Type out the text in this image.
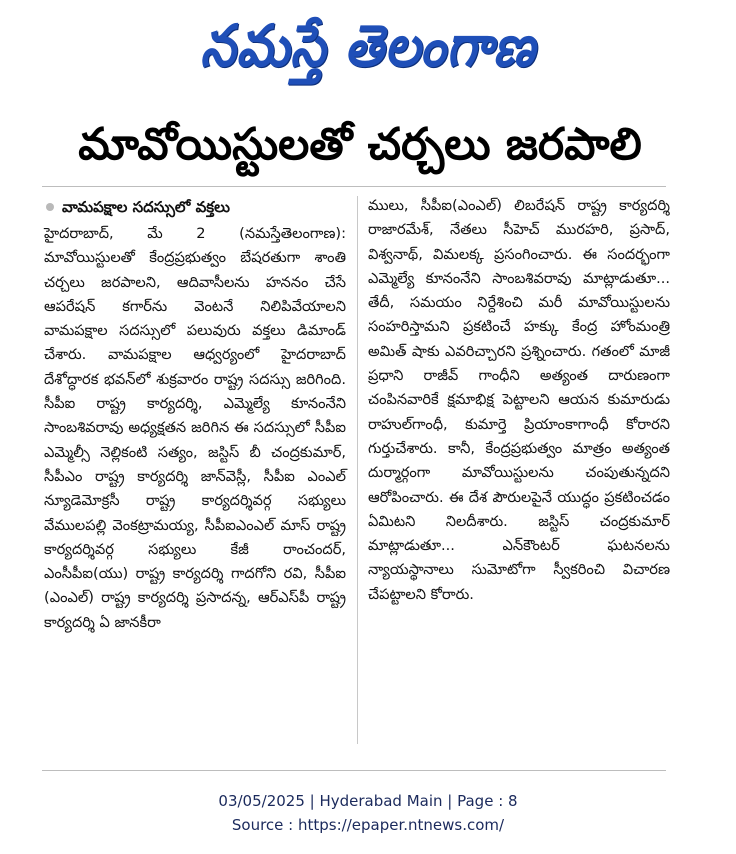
నమస్తే తెలంగాణ
మావోయిస్టులతో చర్చలు జరపాలి

వామపక్షాల సదస్సులో వక్తలు

హైదరాబాద్, మే 2 (నమస్తేతెలంగాణ): మావోయిస్టులతో కేంద్రప్రభుత్వం బేషరతుగా శాంతి చర్చలు జరపాలని, ఆదివాసీలను హననం చేసే ఆపరేషన్ కగార్‌ను వెంటనే నిలిపివేయాలని వామపక్షాల సదస్సులో పలువురు వక్తలు డిమాండ్ చేశారు. వామపక్షాల ఆధ్వర్యంలో హైదరాబాద్ దేశోద్ధారక భవన్‌లో శుక్రవారం రాష్ట్ర సదస్సు జరిగింది. సీపీఐ రాష్ట్ర కార్యదర్శి, ఎమ్మెల్యే కూనంనేని సాంబశివరావు అధ్యక్షతన జరిగిన ఈ సదస్సులో సీపీఐ ఎమ్మెల్సీ నెల్లికంటి సత్యం, జస్టిస్ బీ చంద్రకుమార్, సీపీఎం రాష్ట్ర కార్యదర్శి జాన్‌వెస్లీ, సీపీఐ ఎంఎల్ న్యూడెమోక్రసీ రాష్ట్ర కార్యదర్శివర్గ సభ్యులు వేములపల్లి వెంకట్రామయ్య, సీపీఐఎంఎల్ మాస్ రాష్ట్ర కార్యదర్శివర్గ సభ్యులు కేజీ రాంచందర్, ఎంసీపీఐ(యు) రాష్ట్ర కార్యదర్శి గాదగోని రవి, సీపీఐ (ఎంఎల్) రాష్ట్ర కార్యదర్శి ప్రసాదన్న, ఆర్ఎస్‌పీ రాష్ట్ర కార్యదర్శి ఏ జానకీరా

ములు, సీపీఐ(ఎంఎల్) లిబరేషన్ రాష్ట్ర కార్యదర్శి రాజారమేశ్, నేతలు సీహెచ్ మురహరి, ప్రసాద్, విశ్వనాథ్, విమలక్క ప్రసంగించారు. ఈ సందర్భంగా ఎమ్మెల్యే కూనంనేని సాంబశివరావు మాట్లాడుతూ... తేదీ, సమయం నిర్దేశించి మరీ మావోయిస్టులను సంహరిస్తామని ప్రకటించే హక్కు కేంద్ర హోంమంత్రి అమిత్ షాకు ఎవరిచ్చారని ప్రశ్నించారు. గతంలో మాజీ ప్రధాని రాజీవ్ గాంధీని అత్యంత దారుణంగా చంపినవారికే క్షమాభిక్ష పెట్టాలని ఆయన కుమారుడు రాహుల్‌గాంధీ, కుమార్తె ప్రియాంకాగాంధీ కోరారని గుర్తుచేశారు. కానీ, కేంద్రప్రభుత్వం మాత్రం అత్యంత దుర్మార్గంగా మావోయిస్టులను చంపుతున్నదని ఆరోపించారు. ఈ దేశ పౌరులపైనే యుద్ధం ప్రకటించడం ఏమిటని నిలదీశారు. జస్టిస్ చంద్రకుమార్ మాట్లాడుతూ... ఎన్‌కౌంటర్ ఘటనలను న్యాయస్థానాలు సుమోటోగా స్వీకరించి విచారణ చేపట్టాలని కోరారు.

03/05/2025 | Hyderabad Main | Page : 8
Source : https://epaper.ntnews.com/
